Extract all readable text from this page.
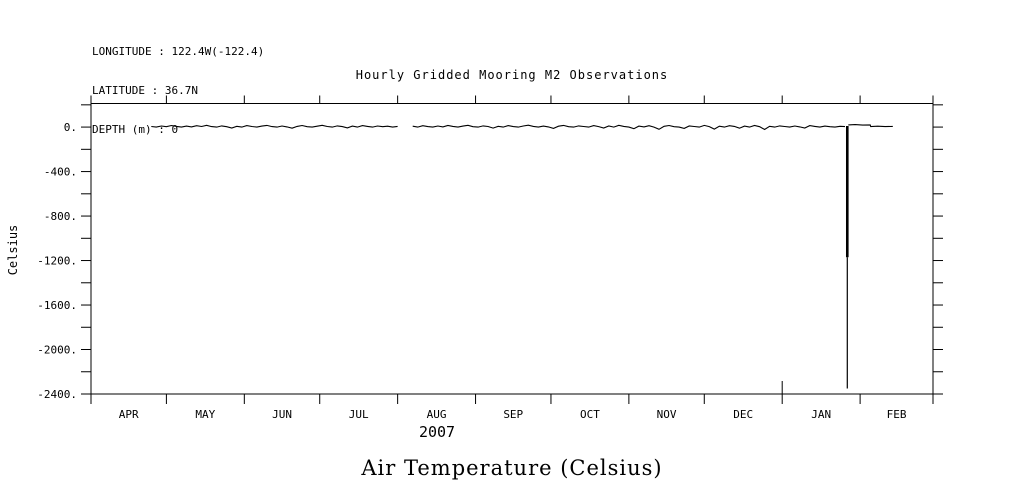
LONGITUDE : 122.4W(-122.4)

LATITUDE : 36.7N

DEPTH (m) : 0

Hourly Gridded Mooring M2 Observations
APR	MAY	JUN	JUL	AUG	SEP	OCT	NOV	DEC	JAN	FEB
0.
-400.
-800.
-1200.
-1600.
-2000.
-2400.
2007
Celsius
Air Temperature (Celsius)
